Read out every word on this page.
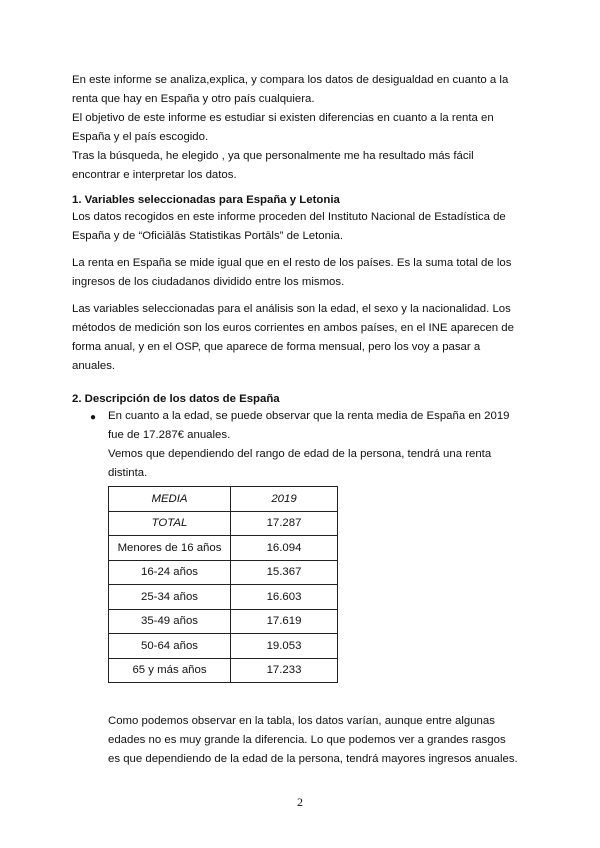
En este informe se analiza,explica, y compara los datos de desigualdad en cuanto a la
renta que hay en España y otro país cualquiera.
El objetivo de este informe es estudiar si existen diferencias en cuanto a la renta en
España y el país escogido.
Tras la búsqueda, he elegido , ya que personalmente me ha resultado más fácil
encontrar e interpretar los datos.
1. Variables seleccionadas para España y Letonia
Los datos recogidos en este informe proceden del Instituto Nacional de Estadística de
España y de “Oficiālās Statistikas Portāls” de Letonia.
La renta en España se mide igual que en el resto de los países. Es la suma total de los
ingresos de los ciudadanos dividido entre los mismos.
Las variables seleccionadas para el análisis son la edad, el sexo y la nacionalidad. Los
métodos de medición son los euros corrientes en ambos países, en el INE aparecen de
forma anual, y en el OSP, que aparece de forma mensual, pero los voy a pasar a
anuales.
2. Descripción de los datos de España
● En cuanto a la edad, se puede observar que la renta media de España en 2019
fue de 17.287€ anuales.
Vemos que dependiendo del rango de edad de la persona, tendrá una renta
distinta.
MEDIA	2019
TOTAL	17.287
Menores de 16 años	16.094
16-24 años	15.367
25-34 años	16.603
35-49 años	17.619
50-64 años	19.053
65 y más años	17.233
Como podemos observar en la tabla, los datos varían, aunque entre algunas
edades no es muy grande la diferencia. Lo que podemos ver a grandes rasgos
es que dependiendo de la edad de la persona, tendrá mayores ingresos anuales.
2
